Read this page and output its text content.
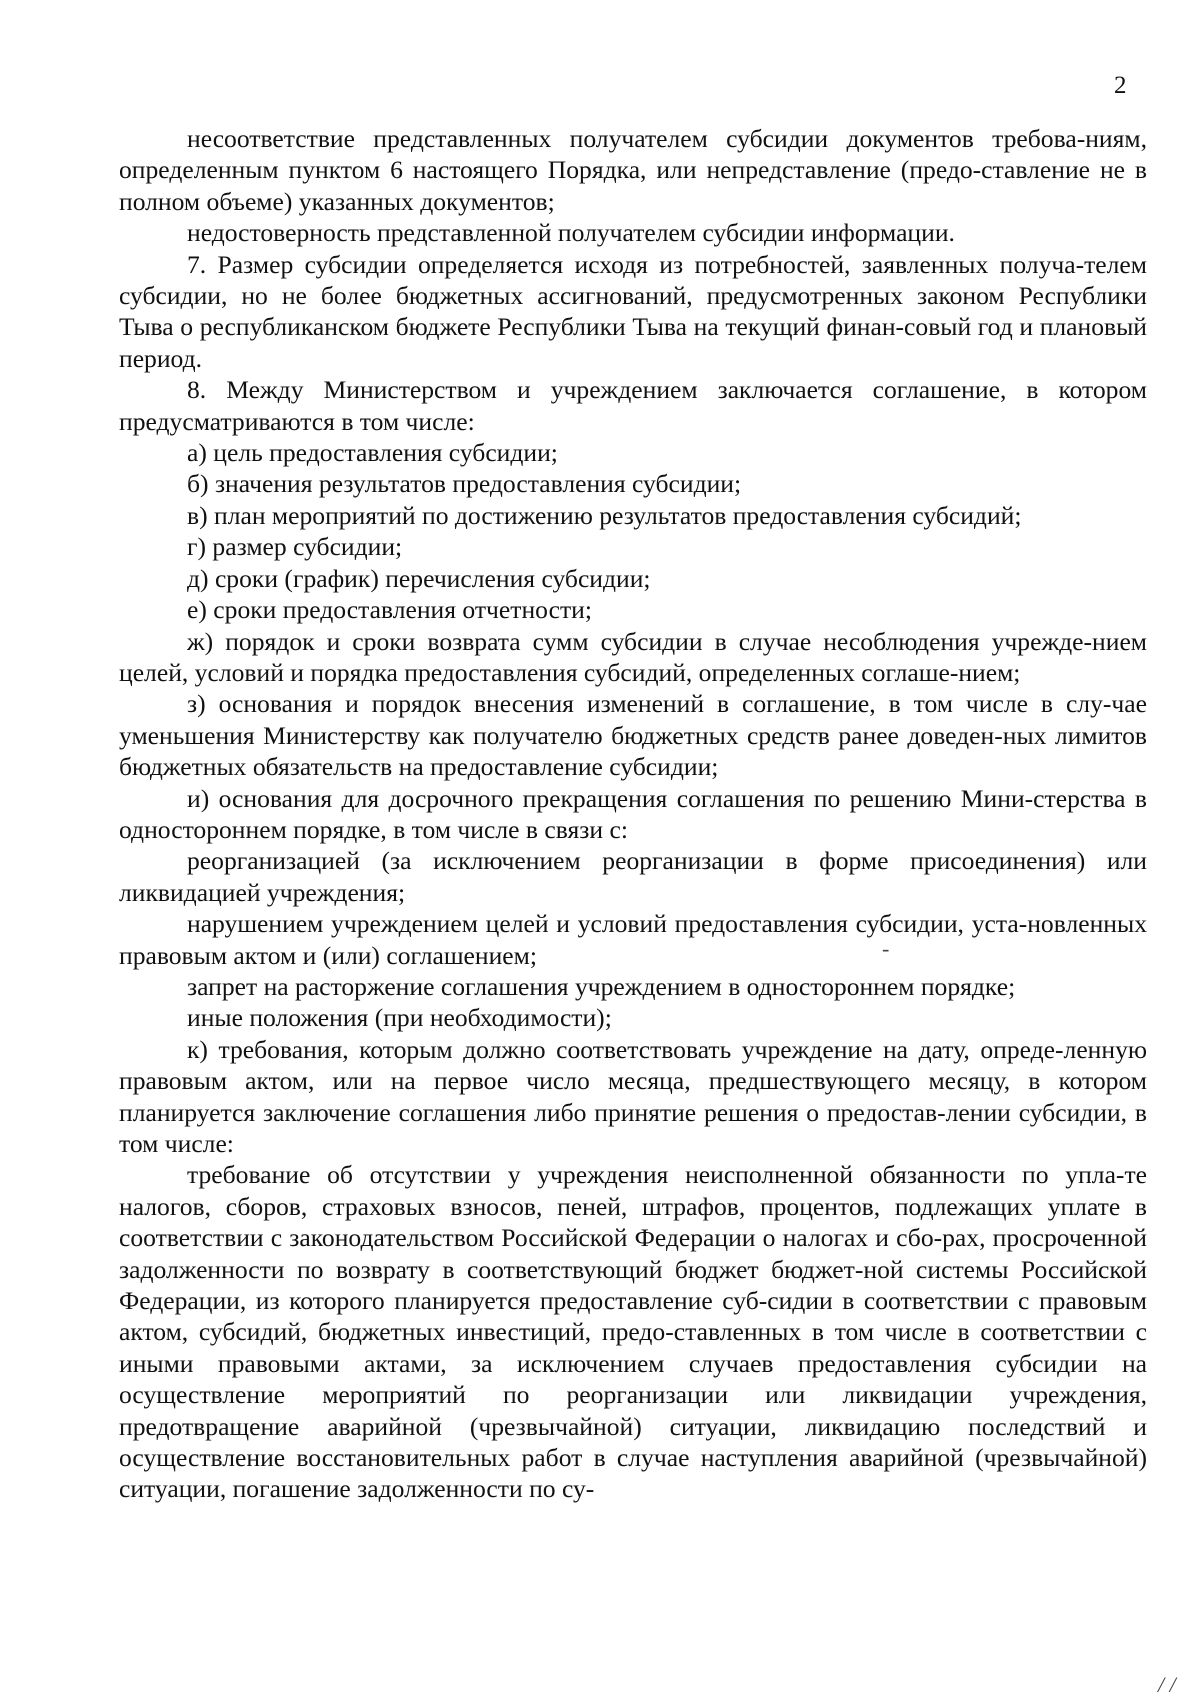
2

несоответствие представленных получателем субсидии документов требова-ниям, определенным пунктом 6 настоящего Порядка, или непредставление (предо-ставление не в полном объеме) указанных документов;

недостоверность представленной получателем субсидии информации.

7. Размер субсидии определяется исходя из потребностей, заявленных получа-телем субсидии, но не более бюджетных ассигнований, предусмотренных законом Республики Тыва о республиканском бюджете Республики Тыва на текущий финан-совый год и плановый период.

8. Между Министерством и учреждением заключается соглашение, в котором предусматриваются в том числе:

а) цель предоставления субсидии;

б) значения результатов предоставления субсидии;

в) план мероприятий по достижению результатов предоставления субсидий;

г) размер субсидии;

д) сроки (график) перечисления субсидии;

е) сроки предоставления отчетности;

ж) порядок и сроки возврата сумм субсидии в случае несоблюдения учрежде-нием целей, условий и порядка предоставления субсидий, определенных соглаше-нием;

з) основания и порядок внесения изменений в соглашение, в том числе в слу-чае уменьшения Министерству как получателю бюджетных средств ранее доведен-ных лимитов бюджетных обязательств на предоставление субсидии;

и) основания для досрочного прекращения соглашения по решению Мини-стерства в одностороннем порядке, в том числе в связи с:

реорганизацией (за исключением реорганизации в форме присоединения) или ликвидацией учреждения;

нарушением учреждением целей и условий предоставления субсидии, уста-новленных правовым актом и (или) соглашением;

запрет на расторжение соглашения учреждением в одностороннем порядке;

иные положения (при необходимости);

к) требования, которым должно соответствовать учреждение на дату, опреде-ленную правовым актом, или на первое число месяца, предшествующего месяцу, в котором планируется заключение соглашения либо принятие решения о предостав-лении субсидии, в том числе:

требование об отсутствии у учреждения неисполненной обязанности по упла-те налогов, сборов, страховых взносов, пеней, штрафов, процентов, подлежащих уплате в соответствии с законодательством Российской Федерации о налогах и сбо-рах, просроченной задолженности по возврату в соответствующий бюджет бюджет-ной системы Российской Федерации, из которого планируется предоставление суб-сидии в соответствии с правовым актом, субсидий, бюджетных инвестиций, предо-ставленных в том числе в соответствии с иными правовыми актами, за исключением случаев предоставления субсидии на осуществление мероприятий по реорганизации или ликвидации учреждения, предотвращение аварийной (чрезвычайной) ситуации, ликвидацию последствий и осуществление восстановительных работ в случае наступления аварийной (чрезвычайной) ситуации, погашение задолженности по су-

-
/ /
